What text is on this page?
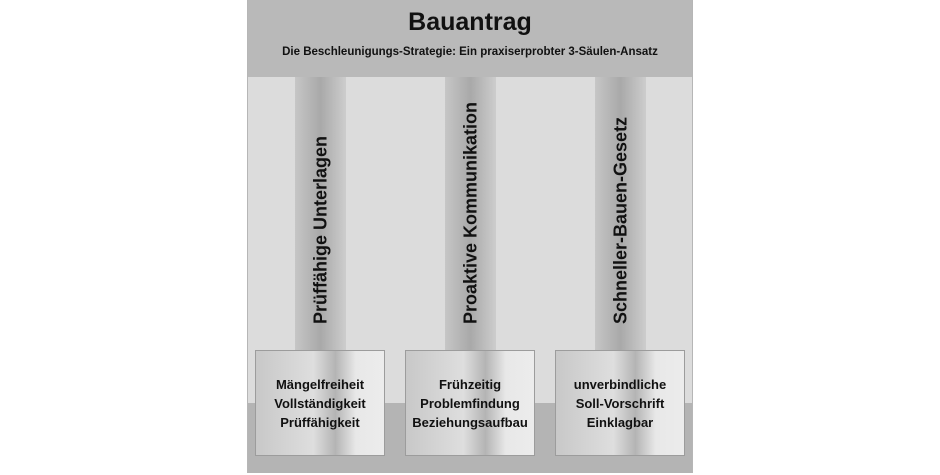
Bauantrag
Die Beschleunigungs-Strategie: Ein praxiserprobter 3-Säulen-Ansatz
Prüffähige Unterlagen	Proaktive Kommunikation	Schneller-Bauen-Gesetz
Mängelfreiheit
Vollständigkeit
Prüffähigkeit
Frühzeitig
Problemfindung
Beziehungsaufbau
unverbindliche
Soll-Vorschrift
Einklagbar
